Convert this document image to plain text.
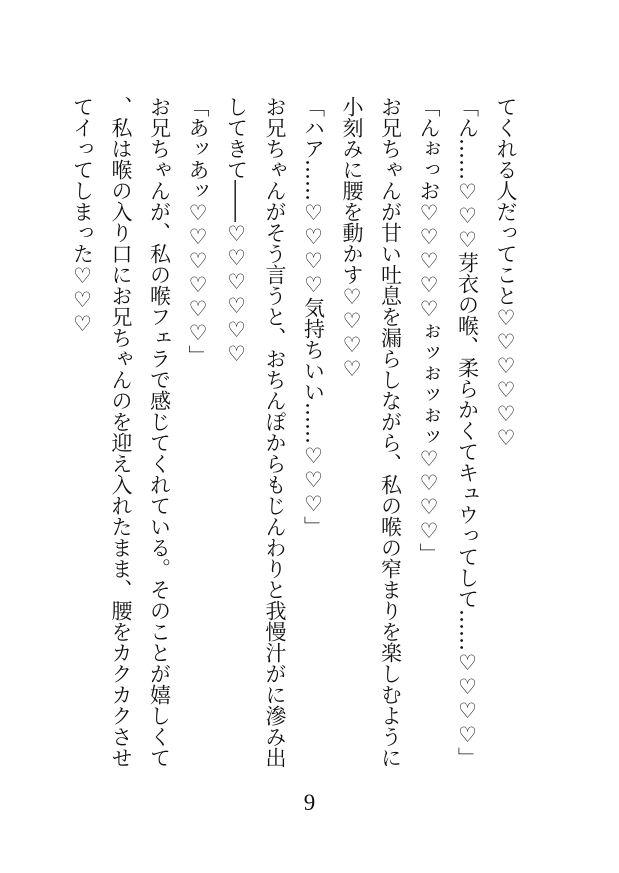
てくれる人だってこと♡♡♡♡♡♡

「ん……♡♡♡芽衣の喉、柔らかくてキュウってして……♡♡♡♡」

「んぉっお♡♡♡♡♡ぉッぉッぉッ♡♡♡♡」

お兄ちゃんが甘い吐息を漏らしながら、私の喉の窄まりを楽しむように小刻みに腰を動かす♡♡♡♡

「ハア……♡♡♡♡気持ちいい……♡♡♡」

お兄ちゃんがそう言うと、おちんぽからもじんわりと我慢汁がに滲み出してきて――♡♡♡♡♡♡

「あッあッ♡♡♡♡♡♡」

お兄ちゃんが、私の喉フェラで感じてくれている。そのことが嬉しくて、私は喉の入り口にお兄ちゃんのを迎え入れたまま、腰をカクカクさせてイってしまった♡♡♡

9
